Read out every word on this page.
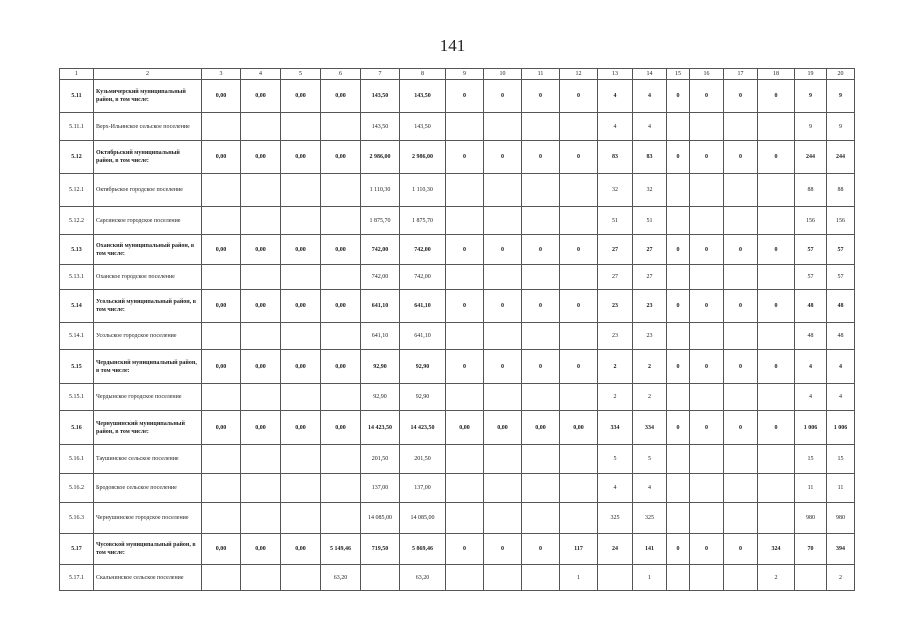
141
1	2	3	4	5	6	7	8	9	10	11	12	13	14	15	16	17	18	19	20
5.11	Кузьмичерский муниципальный район, в том числе:	0,00	0,00	0,00	0,00	143,50	143,50	0	0	0	0	4	4	0	0	0	0	9	9
5.11.1	Верх-Ильинское сельское поселение					143,50	143,50					4	4					9	9
5.12	Октябрьский муниципальный район, в том числе:	0,00	0,00	0,00	0,00	2 986,00	2 986,00	0	0	0	0	83	83	0	0	0	0	244	244
5.12.1	Октябрьское городское поселение					1 110,30	1 110,30					32	32					88	88
5.12.2	Сарсинское городское поселение					1 875,70	1 875,70					51	51					156	156
5.13	Оханский муниципальный район, в том числе:	0,00	0,00	0,00	0,00	742,00	742,00	0	0	0	0	27	27	0	0	0	0	57	57
5.13.1	Оханское городское поселение					742,00	742,00					27	27					57	57
5.14	Усольский муниципальный район, в том числе:	0,00	0,00	0,00	0,00	641,10	641,10	0	0	0	0	23	23	0	0	0	0	48	48
5.14.1	Усольское городское поселение					641,10	641,10					23	23					48	48
5.15	Чердынский муниципальный район, в том числе:	0,00	0,00	0,00	0,00	92,90	92,90	0	0	0	0	2	2	0	0	0	0	4	4
5.15.1	Чердынское городское поселение					92,90	92,90					2	2					4	4
5.16	Чернушинский муниципальный район, в том числе:	0,00	0,00	0,00	0,00	14 423,50	14 423,50	0,00	0,00	0,00	0,00	334	334	0	0	0	0	1 006	1 006
5.16.1	Таушинское сельское поселение					201,50	201,50					5	5					15	15
5.16.2	Бродовское сельское поселение					137,00	137,00					4	4					11	11
5.16.3	Чернушинское городское поселение					14 085,00	14 085,00					325	325					980	980
5.17	Чусовской муниципальный район, в том числе:	0,00	0,00	0,00	5 149,46	719,50	5 869,46	0	0	0	117	24	141	0	0	0	324	70	394
5.17.1	Скальнинское сельское поселение				63,20		63,20				1		1				2		2
